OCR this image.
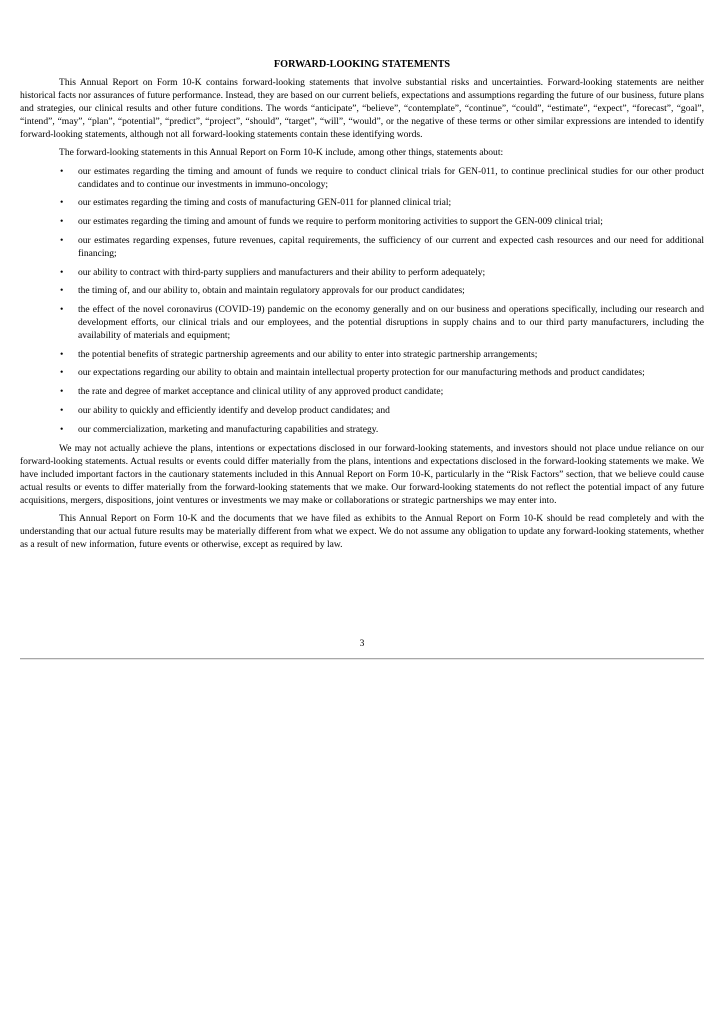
FORWARD-LOOKING STATEMENTS

This Annual Report on Form 10-K contains forward-looking statements that involve substantial risks and uncertainties. Forward-looking statements are neither historical facts nor assurances of future performance. Instead, they are based on our current beliefs, expectations and assumptions regarding the future of our business, future plans and strategies, our clinical results and other future conditions. The words “anticipate”, “believe”, “contemplate”, “continue”, “could”, “estimate”, “expect”, “forecast”, “goal”, “intend”, “may”, “plan”, “potential”, “predict”, “project”, “should”, “target”, “will”, “would”, or the negative of these terms or other similar expressions are intended to identify forward-looking statements, although not all forward-looking statements contain these identifying words.

The forward-looking statements in this Annual Report on Form 10-K include, among other things, statements about:

• our estimates regarding the timing and amount of funds we require to conduct clinical trials for GEN-011, to continue preclinical studies for our other product candidates and to continue our investments in immuno-oncology;
• our estimates regarding the timing and costs of manufacturing GEN-011 for planned clinical trial;
• our estimates regarding the timing and amount of funds we require to perform monitoring activities to support the GEN-009 clinical trial;
• our estimates regarding expenses, future revenues, capital requirements, the sufficiency of our current and expected cash resources and our need for additional financing;
• our ability to contract with third-party suppliers and manufacturers and their ability to perform adequately;
• the timing of, and our ability to, obtain and maintain regulatory approvals for our product candidates;
• the effect of the novel coronavirus (COVID-19) pandemic on the economy generally and on our business and operations specifically, including our research and development efforts, our clinical trials and our employees, and the potential disruptions in supply chains and to our third party manufacturers, including the availability of materials and equipment;
• the potential benefits of strategic partnership agreements and our ability to enter into strategic partnership arrangements;
• our expectations regarding our ability to obtain and maintain intellectual property protection for our manufacturing methods and product candidates;
• the rate and degree of market acceptance and clinical utility of any approved product candidate;
• our ability to quickly and efficiently identify and develop product candidates; and
• our commercialization, marketing and manufacturing capabilities and strategy.

We may not actually achieve the plans, intentions or expectations disclosed in our forward-looking statements, and investors should not place undue reliance on our forward-looking statements. Actual results or events could differ materially from the plans, intentions and expectations disclosed in the forward-looking statements we make. We have included important factors in the cautionary statements included in this Annual Report on Form 10-K, particularly in the “Risk Factors” section, that we believe could cause actual results or events to differ materially from the forward-looking statements that we make. Our forward-looking statements do not reflect the potential impact of any future acquisitions, mergers, dispositions, joint ventures or investments we may make or collaborations or strategic partnerships we may enter into.

This Annual Report on Form 10-K and the documents that we have filed as exhibits to the Annual Report on Form 10-K should be read completely and with the understanding that our actual future results may be materially different from what we expect. We do not assume any obligation to update any forward-looking statements, whether as a result of new information, future events or otherwise, except as required by law.

3
